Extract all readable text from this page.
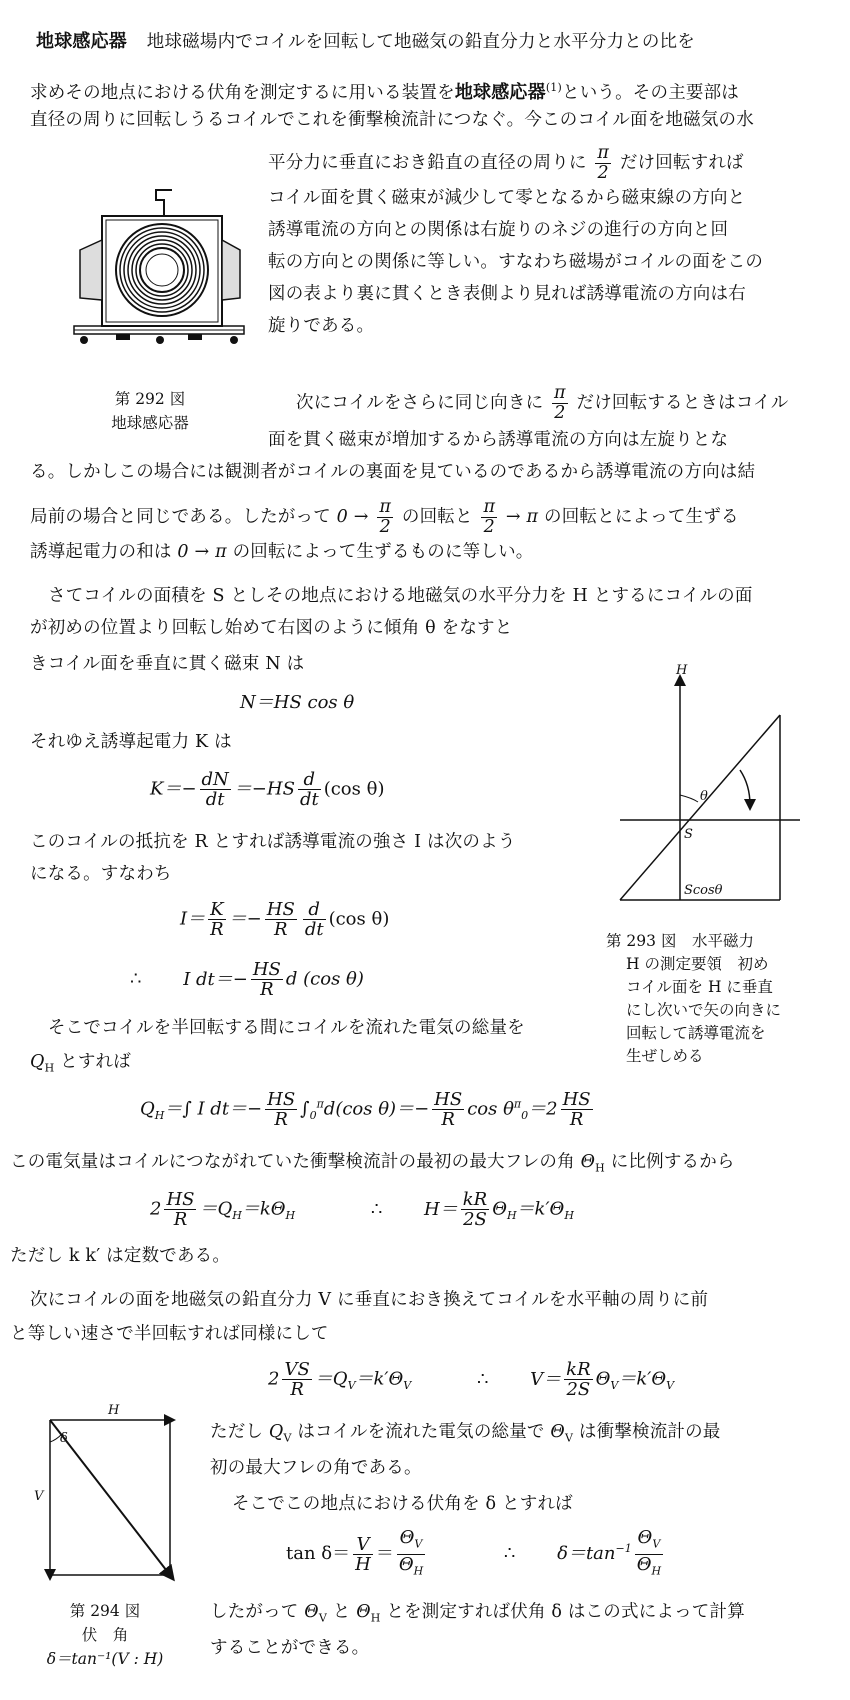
地球感応器 地球磁場内でコイルを回転して地磁気の鉛直分力と水平分力との比を
求めその地点における伏角を測定するに用いる装置を地球感応器$^{(1)}$という。その主要部は
直径の周りに回転しうるコイルでこれを衝撃検流計につなぐ。今このコイル面を地磁気の水
平分力に垂直におき鉛直の直径の周りに $\frac{\pi}{2}$ だけ回転すれば
コイル面を貫く磁束が減少して零となるから磁束線の方向と
誘導電流の方向との関係は右旋りのネジの進行の方向と回
転の方向との関係に等しい。すなわち磁場がコイルの面をこの
図の表より裏に貫くとき表側より見れば誘導電流の方向は右
旋りである。
第 292 図
地球感応器
次にコイルをさらに同じ向きに $\frac{\pi}{2}$ だけ回転するときはコイル
面を貫く磁束が増加するから誘導電流の方向は左旋りとな
る。しかしこの場合には観測者がコイルの裏面を見ているのであるから誘導電流の方向は結
局前の場合と同じである。したがって $0 \to \frac{\pi}{2}$ の回転と $\frac{\pi}{2} \to \pi$ の回転とによって生ずる
誘導起電力の和は 0 → π の回転によって生ずるものに等しい。
さてコイルの面積を S としその地点における地磁気の水平分力を H とするにコイルの面
が初めの位置より回転し始めて右図のように傾角 θ をなすと
きコイル面を垂直に貫く磁束 N は
N＝HS cos θ
それゆえ誘導起電力 K は
$K=- \frac{dN}{dt} =-HS \frac{d}{dt} (\cos$ θ)
このコイルの抵抗を R とすれば誘導電流の強さ I は次のよう
になる。すなわち
$I= \frac{K}{R} =- \frac{HS}{R} \frac{d}{dt} (\cos$ θ)
∴ I $dt=- \frac{HS}{R}$ d (cos θ)
そこでコイルを半回転する間にコイルを流れた電気の総量を
$Q_H$ とすれば
$Q_H=\int$ I $dt=- \frac{HS}{R} \int_0^\pi d(\cos$ $\theta)=- \frac{HS}{R}$ $\cos \theta^\pi_0=2 \frac{HS}{R}$
この電気量はコイルにつながれていた衝撃検流計の最初の最大フレの角 $\Theta_H$ に比例するから
$2 \frac{HS}{R} =Q_H=k\Theta_H$	∴ $H= \frac{kR}{2S} \Theta_H=k'\Theta_H$
ただし k k′ は定数である。
次にコイルの面を地磁気の鉛直分力 V に垂直におき換えてコイルを水平軸の周りに前
と等しい速さで半回転すれば同様にして
$2 \frac{VS}{R} =Q_V=k'\Theta_V$	∴ $V= \frac{kR}{2S} \Theta_V=k'\Theta_V$
ただし $Q_V$ はコイルを流れた電気の総量で $\Theta_V$ は衝撃検流計の最
初の最大フレの角である。
そこでこの地点における伏角を δ とすれば
$\tan \delta= \frac{V}{H} = \frac{\Theta_V}{\Theta_H}$	∴ $\delta=\tan^{-1} \frac{\Theta_V}{\Theta_H}$
したがって $\Theta_V$ と $\Theta_H$ とを測定すれば伏角 δ はこの式によって計算
することができる。
H
θ
S
Scosθ
第 293 図　水平磁力
H の測定要領　初め
コイル面を H に垂直
にし次いで矢の向きに
回転して誘導電流を
生ぜしめる
H
V
δ
第 294 図
伏　角
δ＝tan⁻¹(V : H)
